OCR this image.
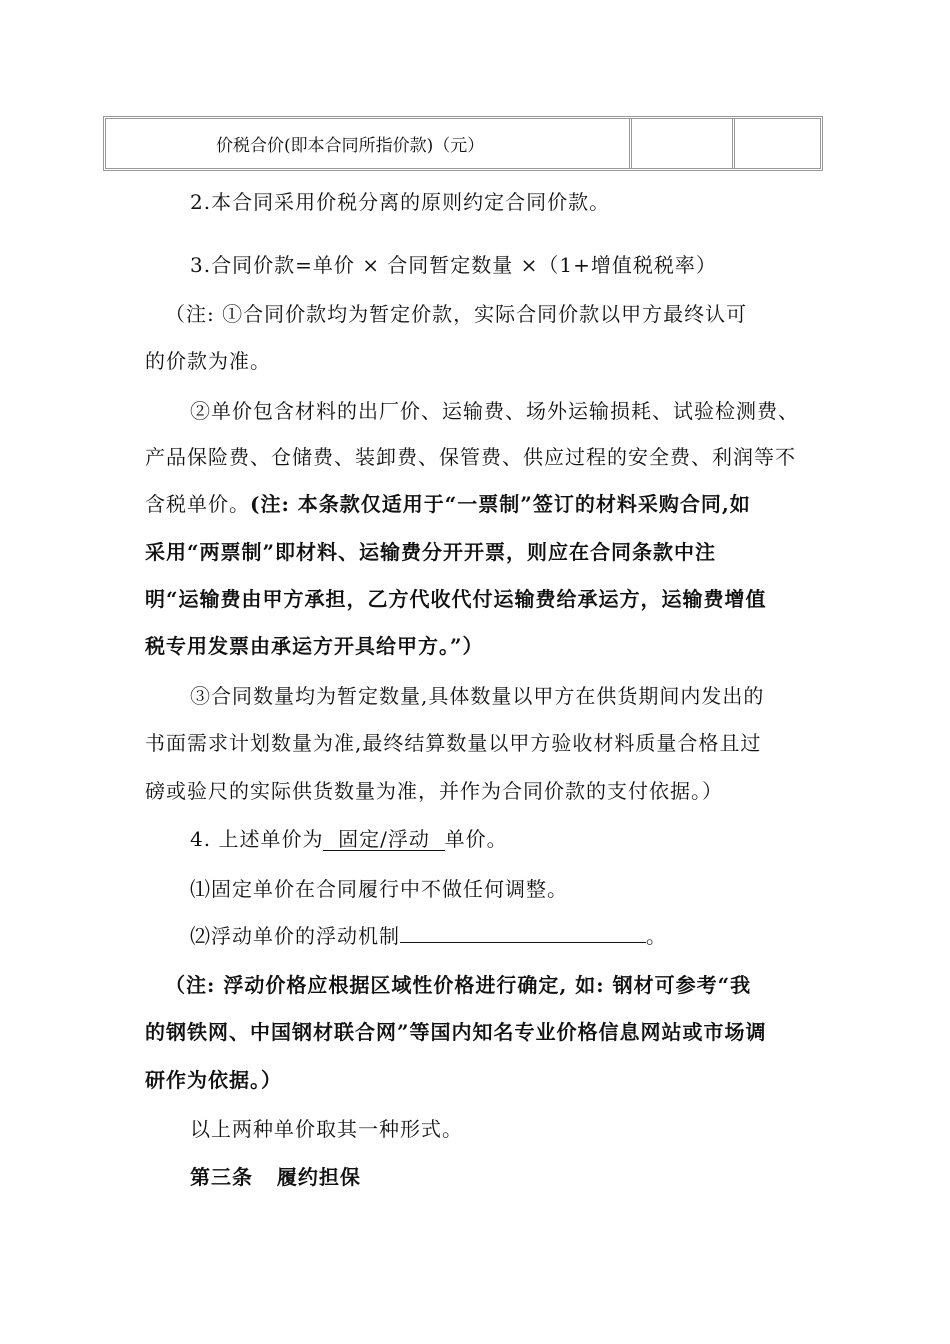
价税合价(即本合同所指价款)（元）
2.本合同采用价税分离的原则约定合同价款。
3.合同价款=单价 × 合同暂定数量 ×（1+增值税税率）
（注: ①合同价款均为暂定价款，实际合同价款以甲方最终认可
的价款为准。
②单价包含材料的出厂价、运输费、场外运输损耗、试验检测费、
产品保险费、仓储费、装卸费、保管费、供应过程的安全费、利润等不
含税单价。(注: 本条款仅适用于“一票制”签订的材料采购合同,如
采用“两票制”即材料、运输费分开开票，则应在合同条款中注
明“运输费由甲方承担，乙方代收代付运输费给承运方，运输费增值
税专用发票由承运方开具给甲方。”）
③合同数量均为暂定数量,具体数量以甲方在供货期间内发出的
书面需求计划数量为准,最终结算数量以甲方验收材料质量合格且过
磅或验尺的实际供货数量为准，并作为合同价款的支付依据。）
4. 上述单价为  固定/浮动  单价。
⑴固定单价在合同履行中不做任何调整。
⑵浮动单价的浮动机制	。
（注: 浮动价格应根据区域性价格进行确定, 如: 钢材可参考“我
的钢铁网、中国钢材联合网”等国内知名专业价格信息网站或市场调
研作为依据。）
以上两种单价取其一种形式。
第三条   履约担保
